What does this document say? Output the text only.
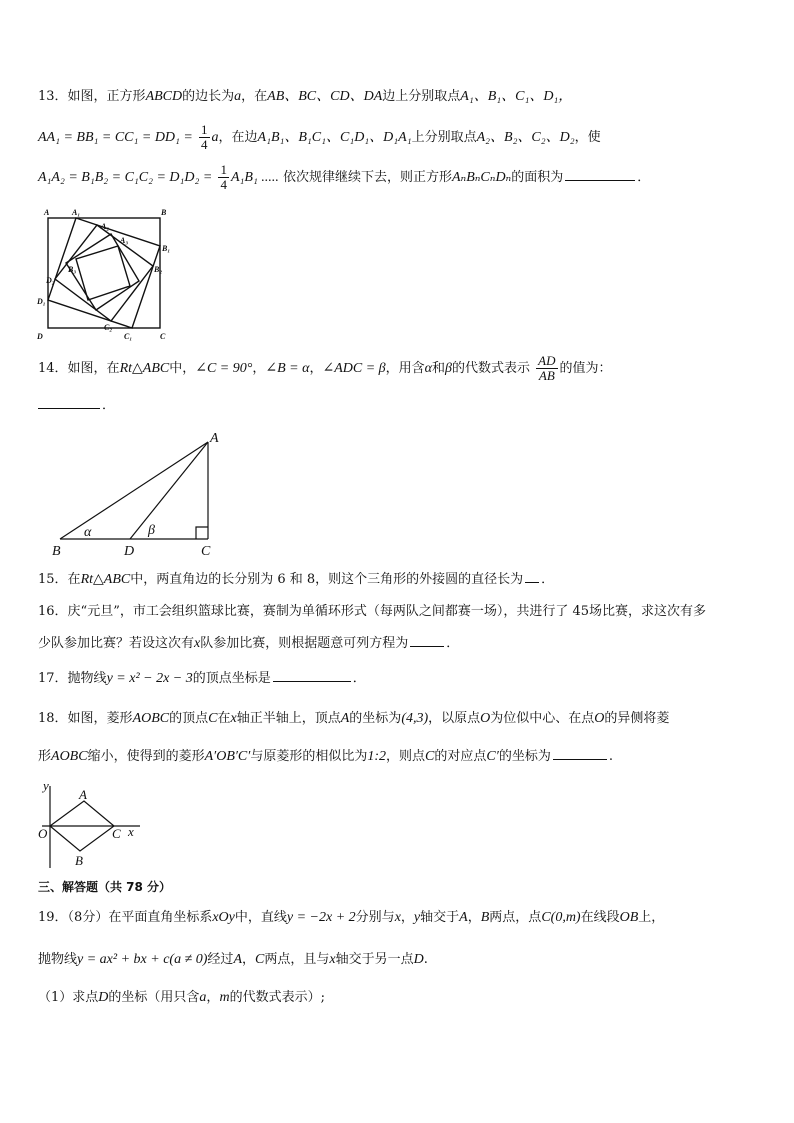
13．如图，正方形ABCD的边长为a，在AB、BC、CD、DA边上分别取点A₁、B₁、C₁、D₁，
$AA_1 = BB_1 = CC_1 = DD_1 = \frac{1}{4}$ a，在边A₁B₁、B₁C₁、C₁D₁、D₁A₁上分别取点A₂、B₂、C₂、D₂，使
$A_1A_2 = B_1B_2 = C_1C_2 = D_1D_2 = \frac{1}{4} A_1B_1$ ..... 依次规律继续下去，则正方形AₙBₙCₙDₙ的面积为	．
A	A₁
A₂
B
B₁
B₂
C
C₁
C₂
D
D₁
D₂
A₃
B₃
14．如图，在Rt△ABC中，∠C = 90°，∠B = α，∠ADC = β，用含α和β的代数式表示 $\frac{AD}{AB}$ 的值为：
．
A
B	D	C
α	β
15．在Rt△ABC中，两直角边的长分别为 6 和 8，则这个三角形的外接圆的直径长为 ．
16．庆“元旦”，市工会组织篮球比赛，赛制为单循环形式（每两队之间都赛一场），共进行了 45场比赛，求这次有多
少队参加比赛？若设这次有x队参加比赛，则根据题意可列方程为	．
17．抛物线y = x² − 2x − 3的顶点坐标是	．
18．如图，菱形AOBC的顶点C在x轴正半轴上，顶点A的坐标为(4,3)，以原点O为位似中心、在点O的异侧将菱
形AOBC缩小，使得到的菱形A′OB′C′与原菱形的相似比为1:2，则点C的对应点C′的坐标为	.
y
A
O	C x
B
三、解答题（共 78 分）
19．（8分）在平面直角坐标系xOy中，直线y = −2x + 2分别与x，y轴交于A，B两点，点C(0,m)在线段OB上，
抛物线y = ax² + bx + c(a ≠ 0)经过A，C两点，且与x轴交于另一点D.
（1）求点D的坐标（用只含a，m的代数式表示）;
